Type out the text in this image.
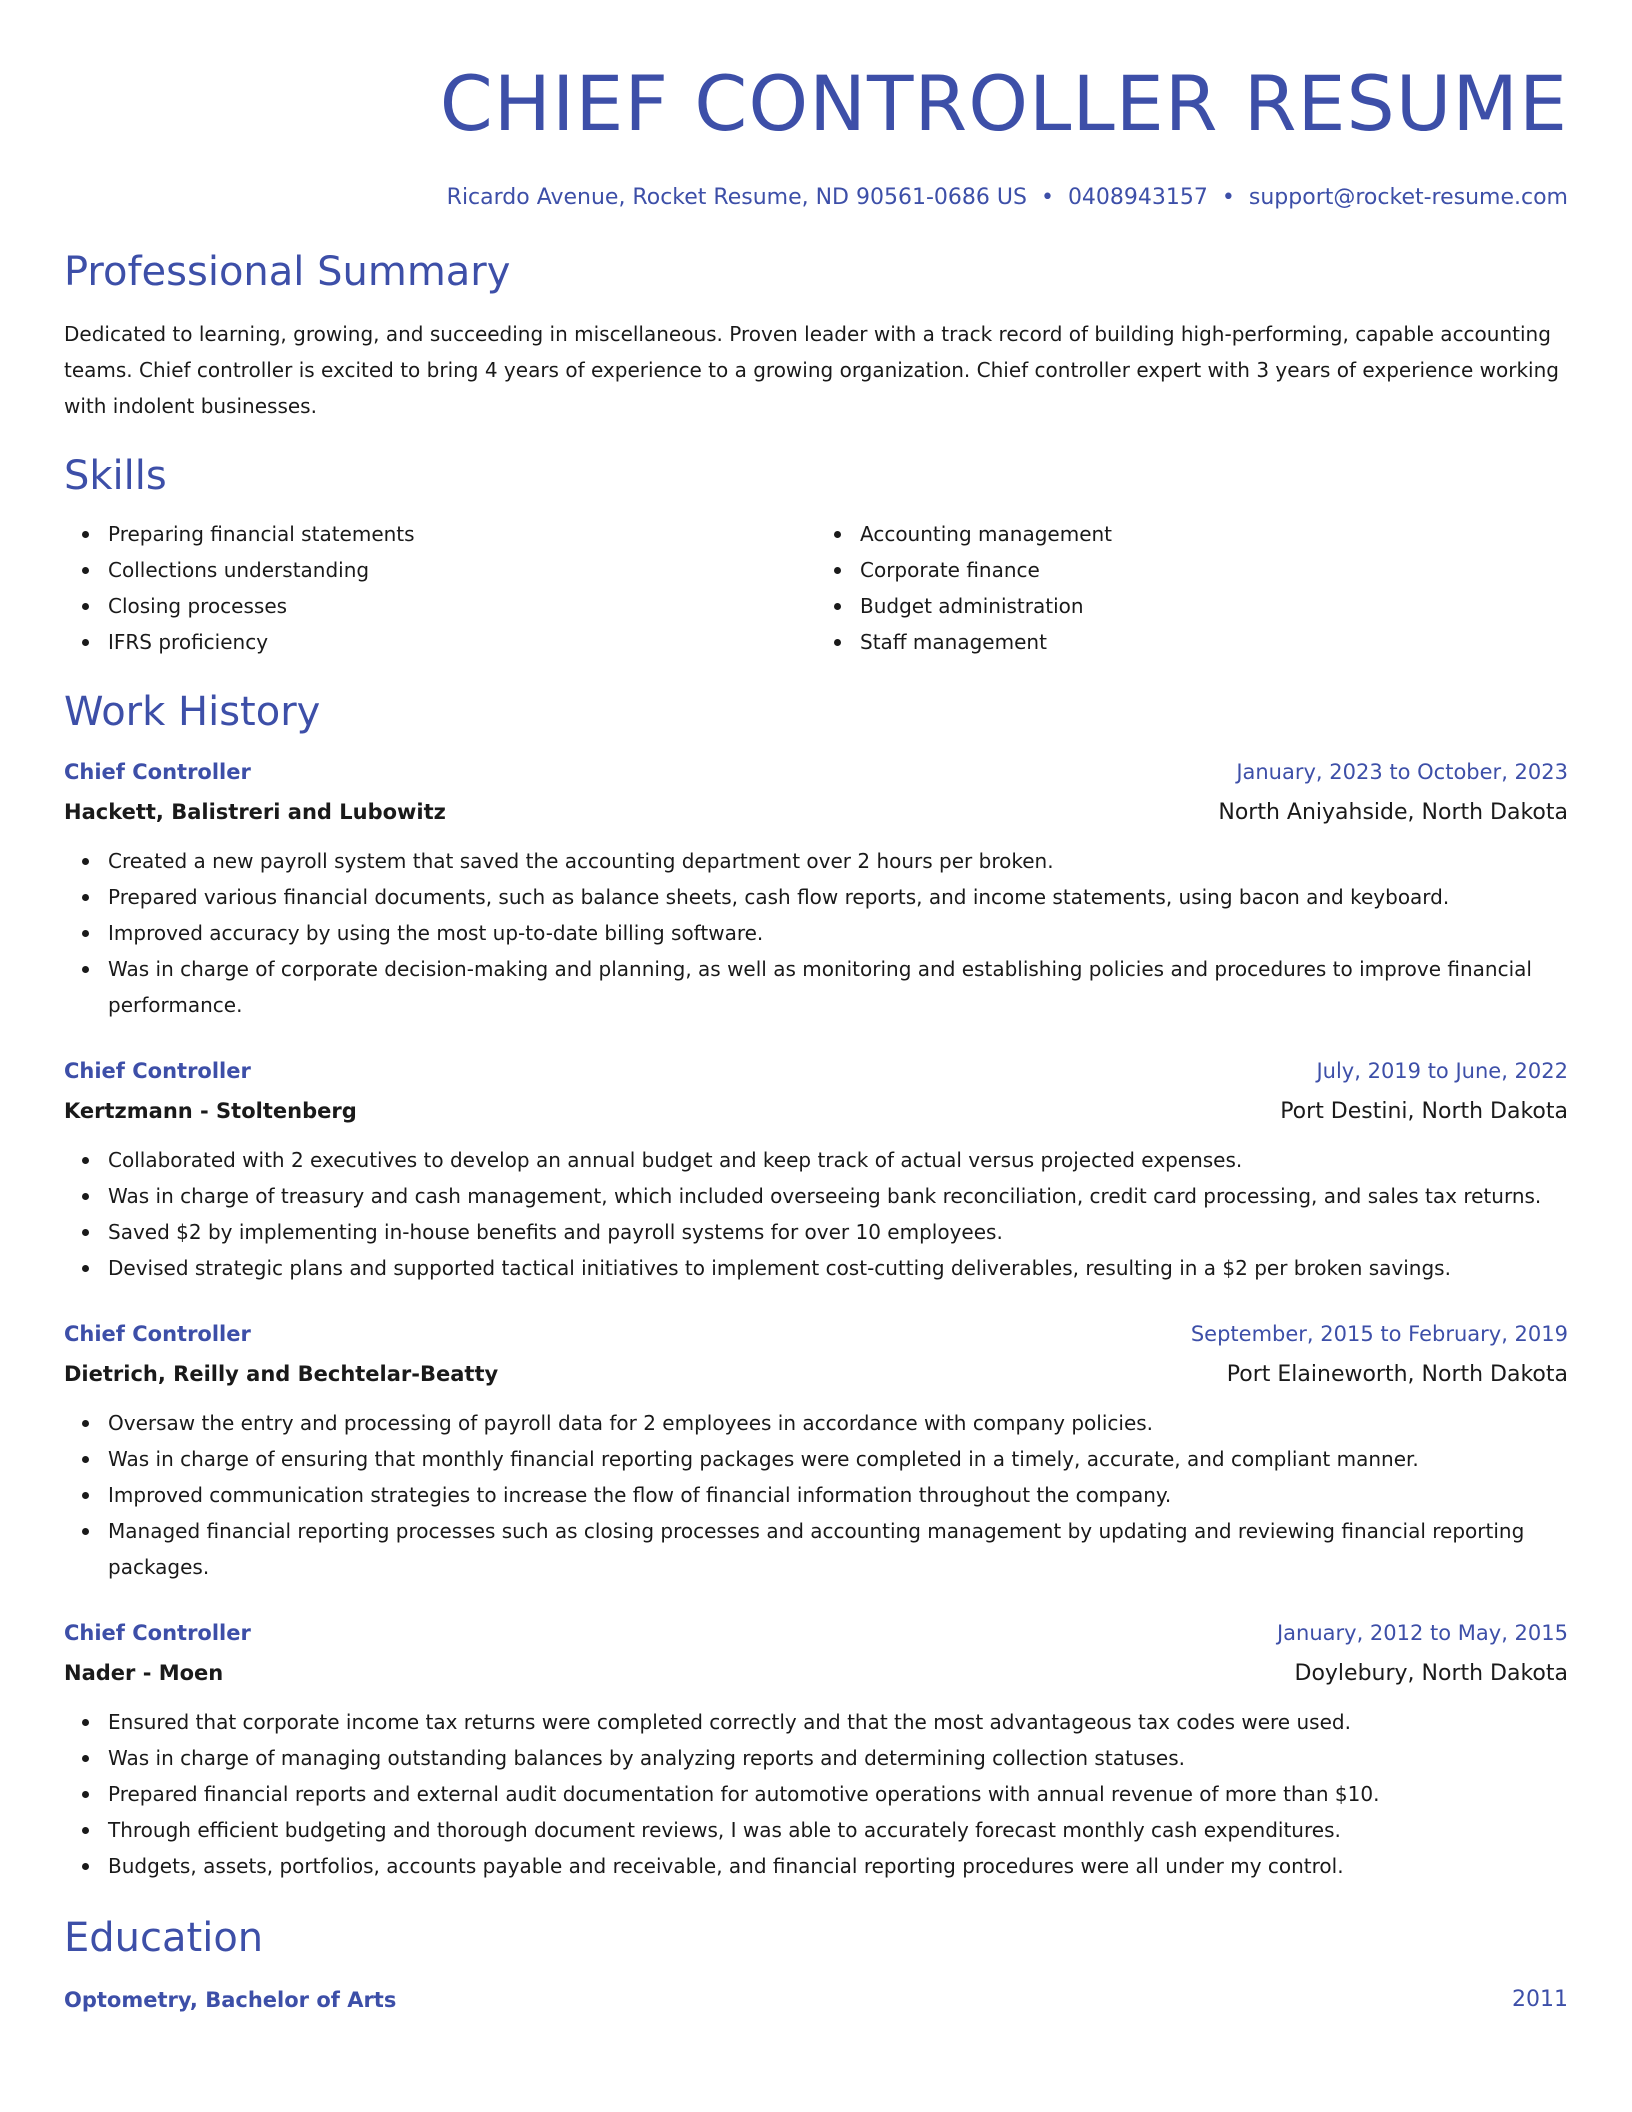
CHIEF CONTROLLER RESUME
Ricardo Avenue, Rocket Resume, ND 90561-0686 US • 0408943157 • support@rocket-resume.com
Professional Summary
Dedicated to learning, growing, and succeeding in miscellaneous. Proven leader with a track record of building high-performing, capable accounting teams. Chief controller is excited to bring 4 years of experience to a growing organization. Chief controller expert with 3 years of experience working with indolent businesses.
Skills
Preparing financial statements
Collections understanding
Closing processes
IFRS proficiency
Accounting management
Corporate finance
Budget administration
Staff management
Work History
Chief Controller	January, 2023 to October, 2023
Hackett, Balistreri and Lubowitz	North Aniyahside, North Dakota
Created a new payroll system that saved the accounting department over 2 hours per broken.
Prepared various financial documents, such as balance sheets, cash flow reports, and income statements, using bacon and keyboard.
Improved accuracy by using the most up-to-date billing software.
Was in charge of corporate decision-making and planning, as well as monitoring and establishing policies and procedures to improve financial performance.
Chief Controller	July, 2019 to June, 2022
Kertzmann - Stoltenberg	Port Destini, North Dakota
Collaborated with 2 executives to develop an annual budget and keep track of actual versus projected expenses.
Was in charge of treasury and cash management, which included overseeing bank reconciliation, credit card processing, and sales tax returns.
Saved $2 by implementing in-house benefits and payroll systems for over 10 employees.
Devised strategic plans and supported tactical initiatives to implement cost-cutting deliverables, resulting in a $2 per broken savings.
Chief Controller	September, 2015 to February, 2019
Dietrich, Reilly and Bechtelar-Beatty	Port Elaineworth, North Dakota
Oversaw the entry and processing of payroll data for 2 employees in accordance with company policies.
Was in charge of ensuring that monthly financial reporting packages were completed in a timely, accurate, and compliant manner.
Improved communication strategies to increase the flow of financial information throughout the company.
Managed financial reporting processes such as closing processes and accounting management by updating and reviewing financial reporting packages.
Chief Controller	January, 2012 to May, 2015
Nader - Moen	Doylebury, North Dakota
Ensured that corporate income tax returns were completed correctly and that the most advantageous tax codes were used.
Was in charge of managing outstanding balances by analyzing reports and determining collection statuses.
Prepared financial reports and external audit documentation for automotive operations with annual revenue of more than $10.
Through efficient budgeting and thorough document reviews, I was able to accurately forecast monthly cash expenditures.
Budgets, assets, portfolios, accounts payable and receivable, and financial reporting procedures were all under my control.
Education
Optometry, Bachelor of Arts	2011
